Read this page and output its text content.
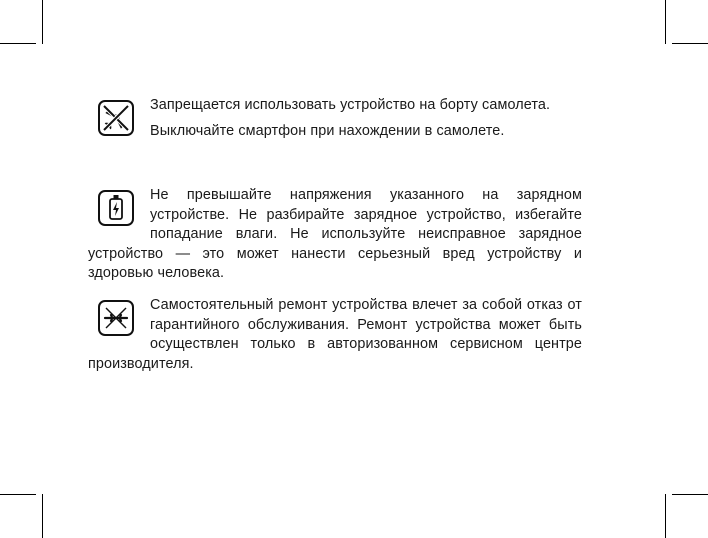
Запрещается использовать устройство на борту самолета.

Выключайте смартфон при нахождении в самолете.

Не превышайте напряжения указанного на зарядном устройстве. Не разбирайте зарядное устройство, избегайте попадание влаги. Не используйте неисправное зарядное устройство — это может нанести серьезный вред устройству и здоровью человека.

Самостоятельный ремонт устройства влечет за собой отказ от гарантийного обслуживания. Ремонт устройства может быть осуществлен только в авторизованном сервисном центре производителя.
